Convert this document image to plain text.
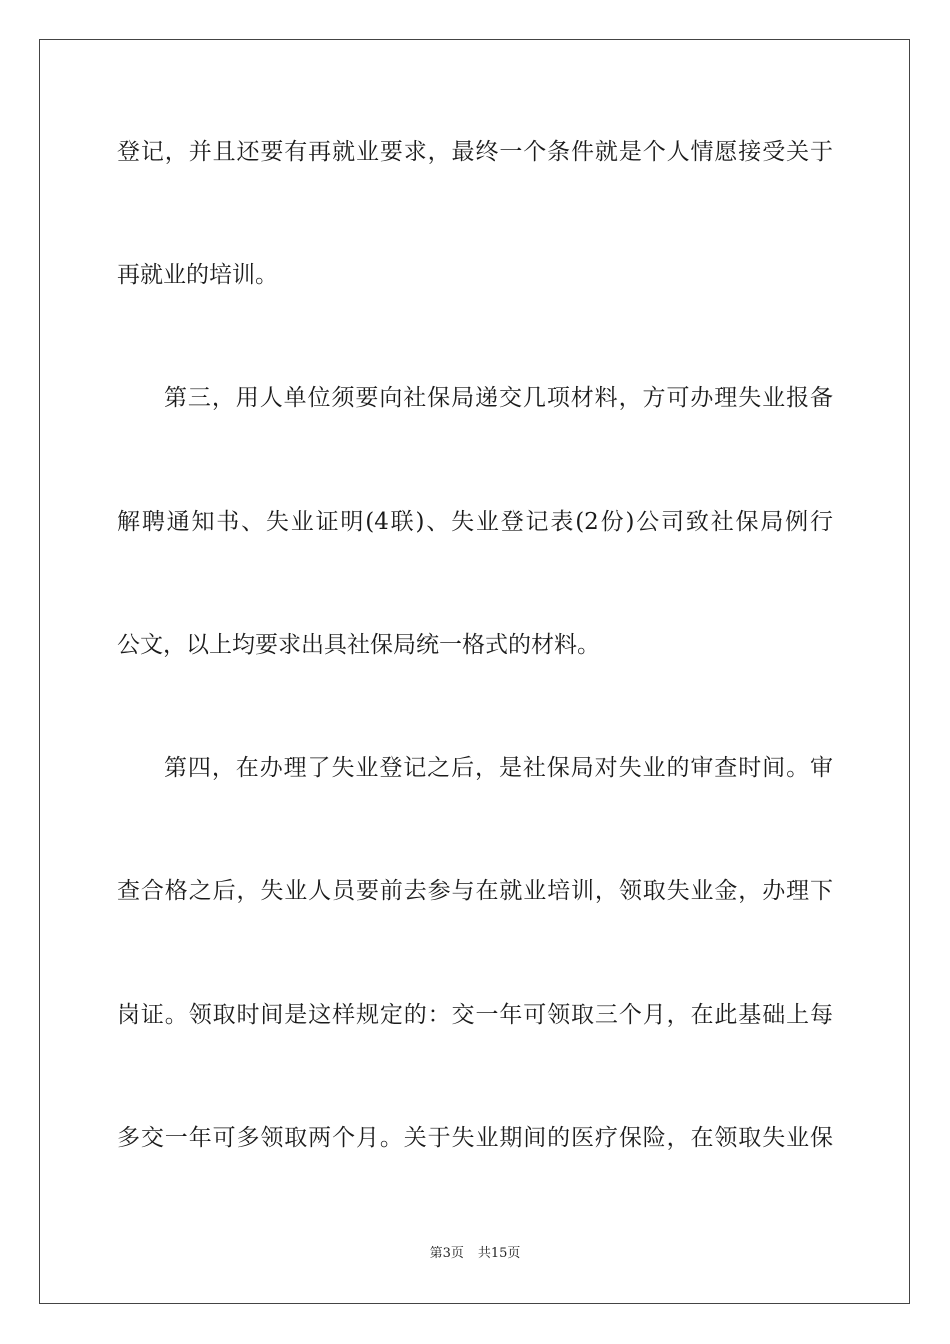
登记，并且还要有再就业要求，最终一个条件就是个人情愿接受关于
再就业的培训。
第三，用人单位须要向社保局递交几项材料，方可办理失业报备
解聘通知书、失业证明(4联)、失业登记表(2份)公司致社保局例行
公文，以上均要求出具社保局统一格式的材料。
第四，在办理了失业登记之后，是社保局对失业的审查时间。审
查合格之后，失业人员要前去参与在就业培训，领取失业金，办理下
岗证。领取时间是这样规定的：交一年可领取三个月，在此基础上每
多交一年可多领取两个月。关于失业期间的医疗保险，在领取失业保
第3页 共15页
